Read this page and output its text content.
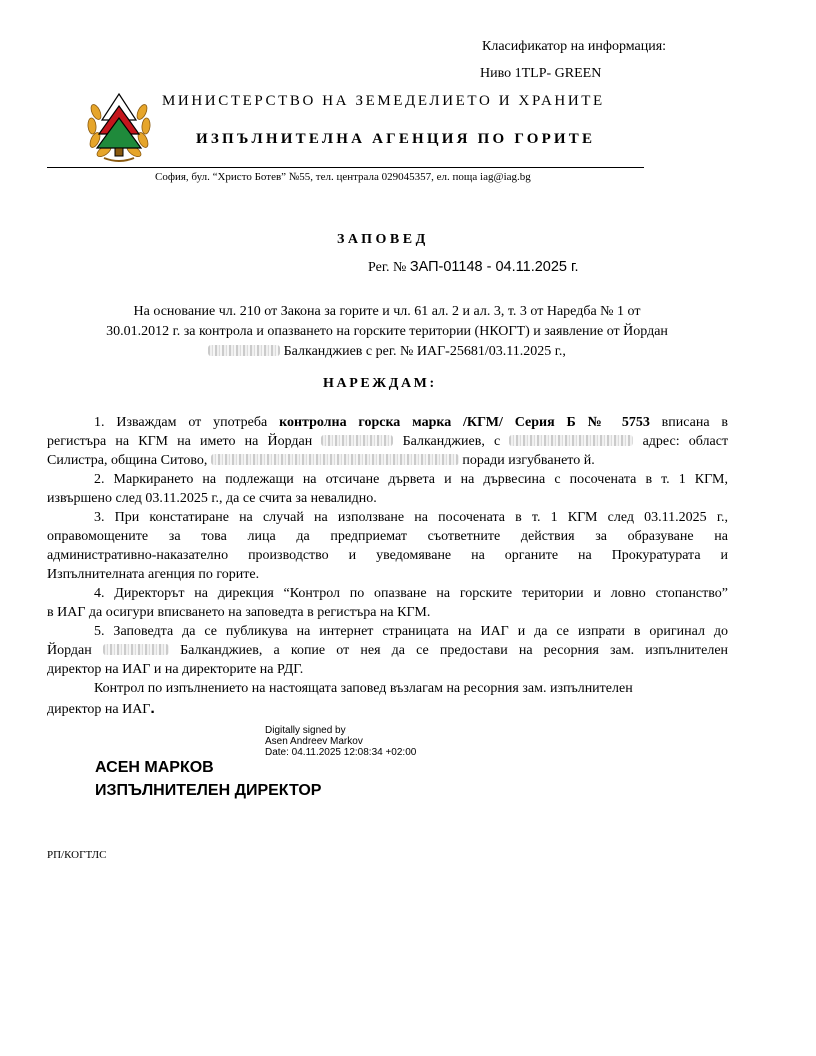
Класификатор на информация:
Ниво 1TLP- GREEN
МИНИСТЕРСТВО НА ЗЕМЕДЕЛИЕТО И ХРАНИТЕ
ИЗПЪЛНИТЕЛНА АГЕНЦИЯ ПО ГОРИТЕ
София, бул. “Христо Ботев” №55, тел. централа 029045357, ел. поща iag@iag.bg
ЗАПОВЕД
Рег. № ЗАП-01148 - 04.11.2025 г.
На основание чл. 210 от Закона за горите и чл. 61 ал. 2 и ал. 3, т. 3 от Наредба № 1 от
30.01.2012 г. за контрола и опазването на горските територии (НКОГТ) и заявление от Йордан
Балканджиев с рег. № ИАГ-25681/03.11.2025 г.,
НАРЕЖДАМ:
1. Изваждам от употреба контролна горска марка /КГМ/ Серия Б № 5753 вписана в
регистъра на КГМ на името на Йордан	Балканджиев, с	адрес: област
Силистра, община Ситово,	поради изгубването й.
2. Маркирането на подлежащи на отсичане дървета и на дървесина с посочената в т. 1 КГМ,
извършено след 03.11.2025 г., да се счита за невалидно.
3. При констатиране на случай на използване на посочената в т. 1 КГМ след 03.11.2025 г.,
оправомощените за това лица да предприемат съответните действия за образуване на
административно-наказателно производство и уведомяване на органите на Прокуратурата и
Изпълнителната агенция по горите.
4. Директорът на дирекция “Контрол по опазване на горските територии и ловно стопанство”
в ИАГ да осигури вписването на заповедта в регистъра на КГМ.
5. Заповедта да се публикува на интернет страницата на ИАГ и да се изпрати в оригинал до
Йордан	Балканджиев, а копие от нея да се предостави на ресорния зам. изпълнителен
директор на ИАГ и на директорите на РДГ.
Контрол по изпълнението на настоящата заповед възлагам на ресорния зам. изпълнителен
директор на ИАГ.
Digitally signed by
Asen Andreev Markov
Date: 04.11.2025 12:08:34 +02:00
АСЕН МАРКОВ
ИЗПЪЛНИТЕЛЕН ДИРЕКТОР
РП/КОГТЛС
